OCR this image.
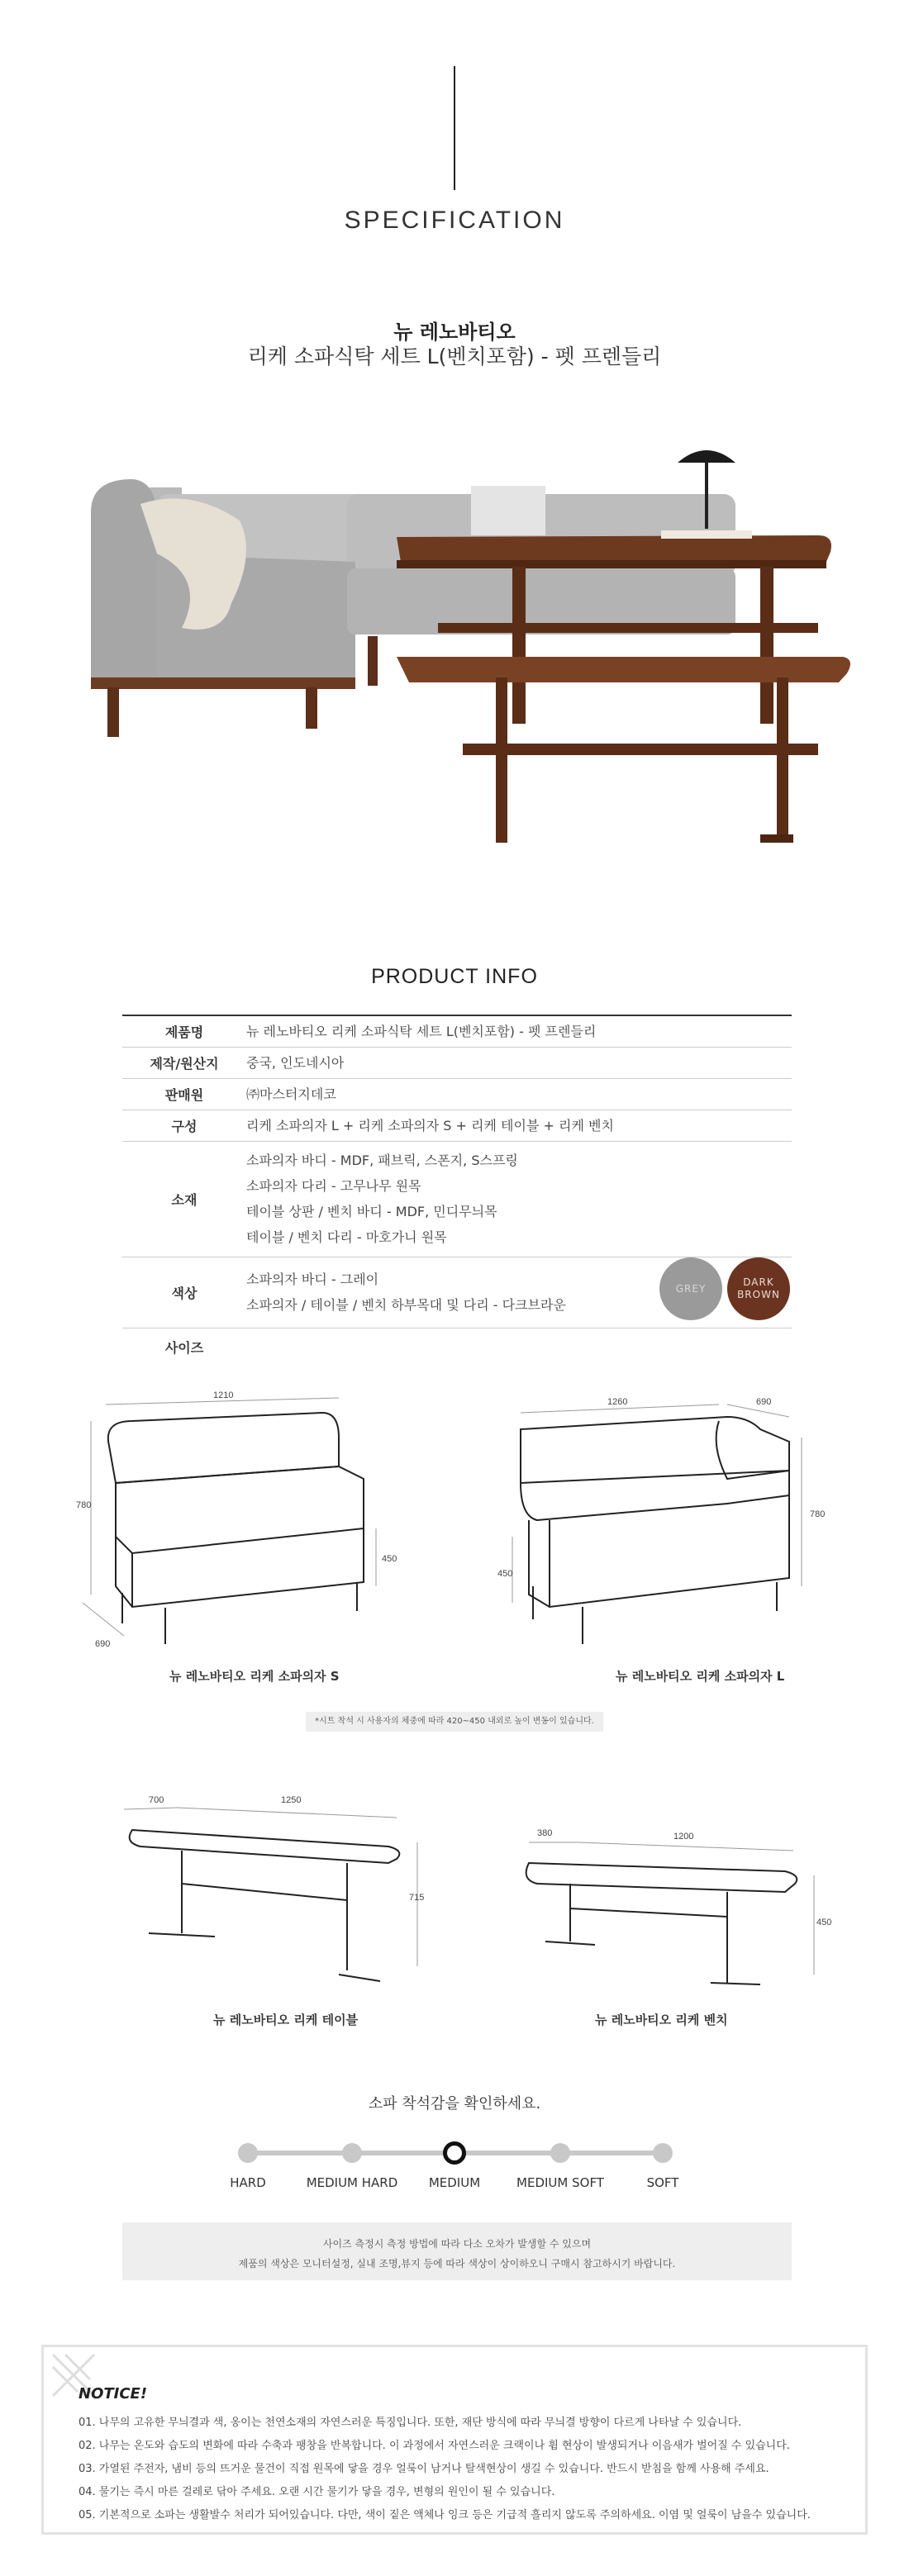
SPECIFICATION
뉴 레노바티오
리케 소파식탁 세트 L(벤치포함) - 펫 프렌들리
PRODUCT INFO
제품명	뉴 레노바티오 리케 소파식탁 세트 L(벤치포함) - 펫 프렌들리

제작/원산지	중국, 인도네시아

판매원	㈜마스터지데코

구성	리케 소파의자 L + 리케 소파의자 S + 리케 테이블 + 리케 벤치

소재	소파의자 바디 - MDF, 패브릭, 스폰지, S스프링
소파의자 다리 - 고무나무 원목
테이블 상판 / 벤치 바디 - MDF, 민디무늬목
테이블 / 벤치 다리 - 마호가니 원목

색상	소파의자 바디 - 그레이
소파의자 / 테이블 / 벤치 하부목대 및 다리 - 다크브라운

사이즈	
GREY
DARK
BROWN
1210
780
450
690
1260	690
780
450
700	1250
715
380	1200
450
뉴 레노바티오 리케 소파의자 S	뉴 레노바티오 리케 소파의자 L
*시트 착석 시 사용자의 체중에 따라 420~450 내외로 높이 변동이 있습니다.
뉴 레노바티오 리케 테이블	뉴 레노바티오 리케 벤치
소파 착석감을 확인하세요.
HARD	MEDIUM HARD	MEDIUM	MEDIUM SOFT	SOFT
사이즈 측정시 측정 방법에 따라 다소 오차가 발생할 수 있으며
제품의 색상은 모니터설정, 실내 조명,뷰지 등에 따라 색상이 상이하오니 구매시 참고하시기 바랍니다.
NOTICE!
01. 나무의 고유한 무늬결과 색, 옹이는 천연소재의 자연스러운 특징입니다. 또한, 재단 방식에 따라 무늬결 방향이 다르게 나타날 수 있습니다.
02. 나무는 온도와 습도의 변화에 따라 수축과 팽창을 반복합니다. 이 과정에서 자연스러운 크랙이나 휨 현상이 발생되거나 이음새가 벌어질 수 있습니다.
03. 가열된 주전자, 냄비 등의 뜨거운 물건이 직접 원목에 닿을 경우 얼룩이 남거나 탈색현상이 생길 수 있습니다. 반드시 받침을 함께 사용해 주세요.
04. 물기는 즉시 마른 걸레로 닦아 주세요. 오랜 시간 물기가 닿을 경우, 변형의 원인이 될 수 있습니다.
05. 기본적으로 소파는 생활발수 처리가 되어있습니다. 다만, 색이 짙은 액체나 잉크 등은 기급적 흘리지 않도록 주의하세요. 이염 및 얼룩이 남을수 있습니다.
